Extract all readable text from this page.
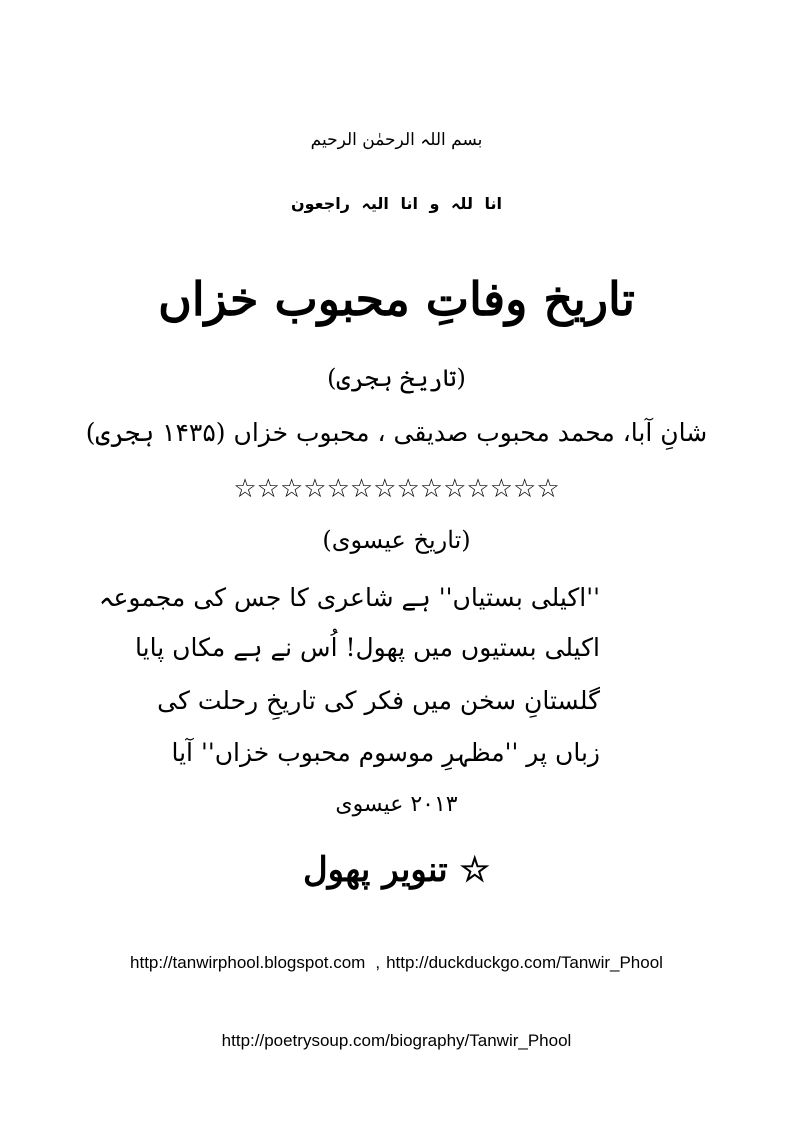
بسم اللہ الرحمٰن الرحیم
انا للہ و انا الیہ راجعون
تاریخ وفاتِ محبوب خزاں
(تاریخ ہجری)
شانِ آبا، محمد محبوب صدیقی ، محبوب خزاں (۱۴۳۵ ہجری)
☆☆☆☆☆☆☆☆☆☆☆☆☆☆
(تاریخ عیسوی)
''اکیلی بستیاں'' ہے شاعری کا جس کی مجموعہ
اکیلی بستیوں میں پھول! اُس نے ہے مکاں پایا
گلستانِ سخن میں فکر کی تاریخِ رحلت کی
زباں پر ''مظہرِ موسوم محبوب خزاں'' آیا
۲۰۱۳ عیسوی
☆ تنویر پھول
http://tanwirphool.blogspot.com , http://duckduckgo.com/Tanwir_Phool
http://poetrysoup.com/biography/Tanwir_Phool
